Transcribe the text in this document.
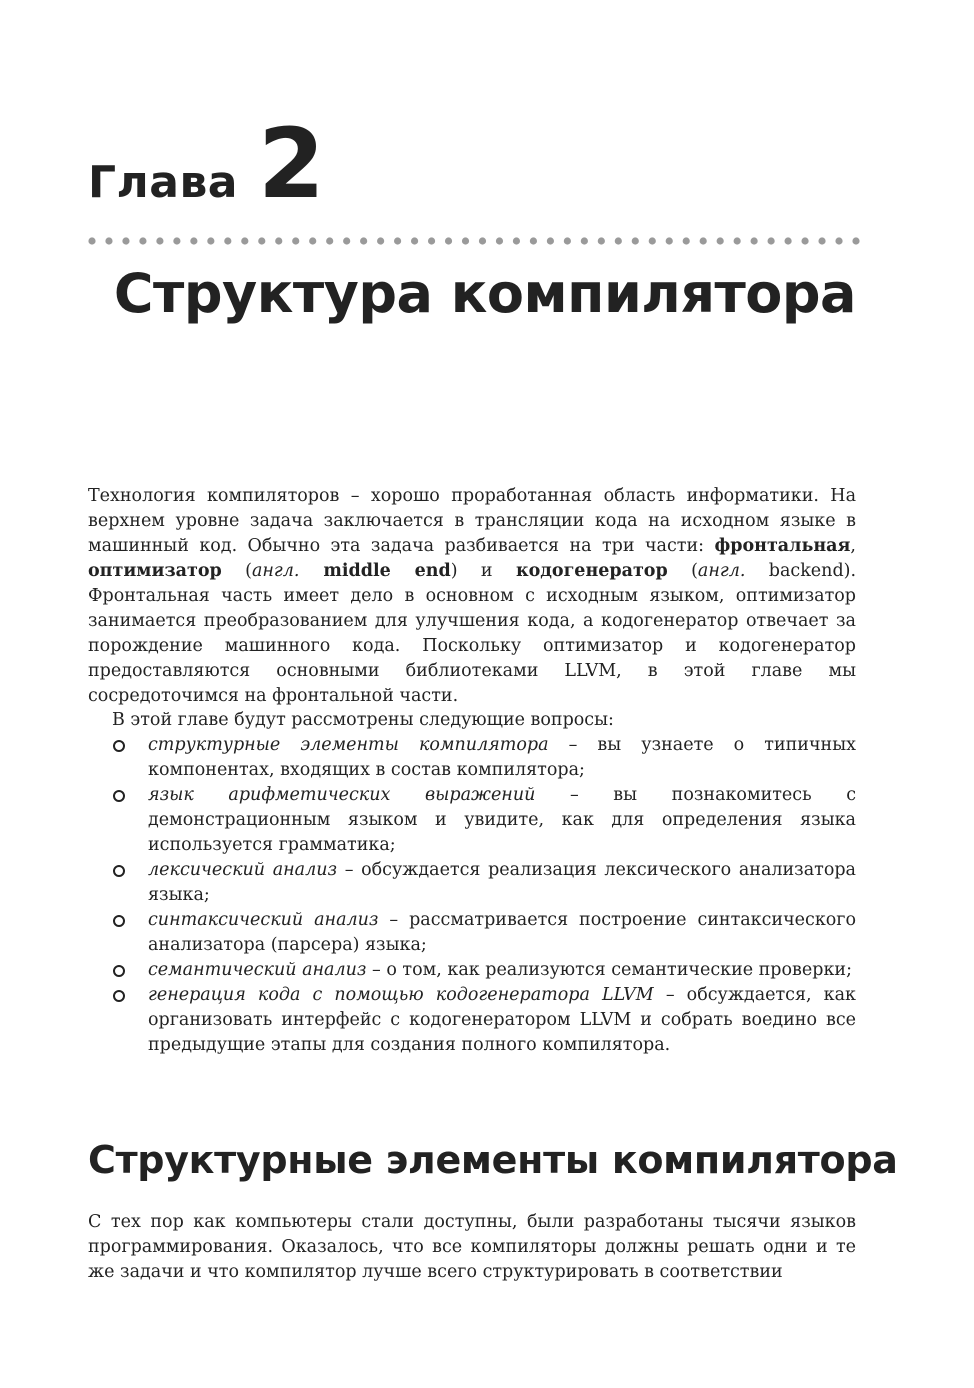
Глава 2
Структура компилятора

Технология компиляторов – хорошо проработанная область информатики. На верхнем уровне задача заключается в трансляции кода на исходном языке в машинный код. Обычно эта задача разбивается на три части: фронтальная, оптимизатор (англ. middle end) и кодогенератор (англ. backend). Фронтальная часть имеет дело в основном с исходным языком, оптимизатор занимается преобразованием для улучшения кода, а кодогенератор отвечает за порождение машинного кода. Поскольку оптимизатор и кодогенератор предоставляются основными библиотеками LLVM, в этой главе мы сосредоточимся на фронтальной части.

В этой главе будут рассмотрены следующие вопросы:

структурные элементы компилятора – вы узнаете о типичных компонентах, входящих в состав компилятора;
язык арифметических выражений – вы познакомитесь с демонстрационным языком и увидите, как для определения языка используется грамматика;
лексический анализ – обсуждается реализация лексического анализатора языка;
синтаксический анализ – рассматривается построение синтаксического анализатора (парсера) языка;
семантический анализ – о том, как реализуются семантические проверки;
генерация кода с помощью кодогенератора LLVM – обсуждается, как организовать интерфейс с кодогенератором LLVM и собрать воедино все предыдущие этапы для создания полного компилятора.
Структурные элементы компилятора

С тех пор как компьютеры стали доступны, были разработаны тысячи языков программирования. Оказалось, что все компиляторы должны решать одни и те же задачи и что компилятор лучше всего структурировать в соответствии
